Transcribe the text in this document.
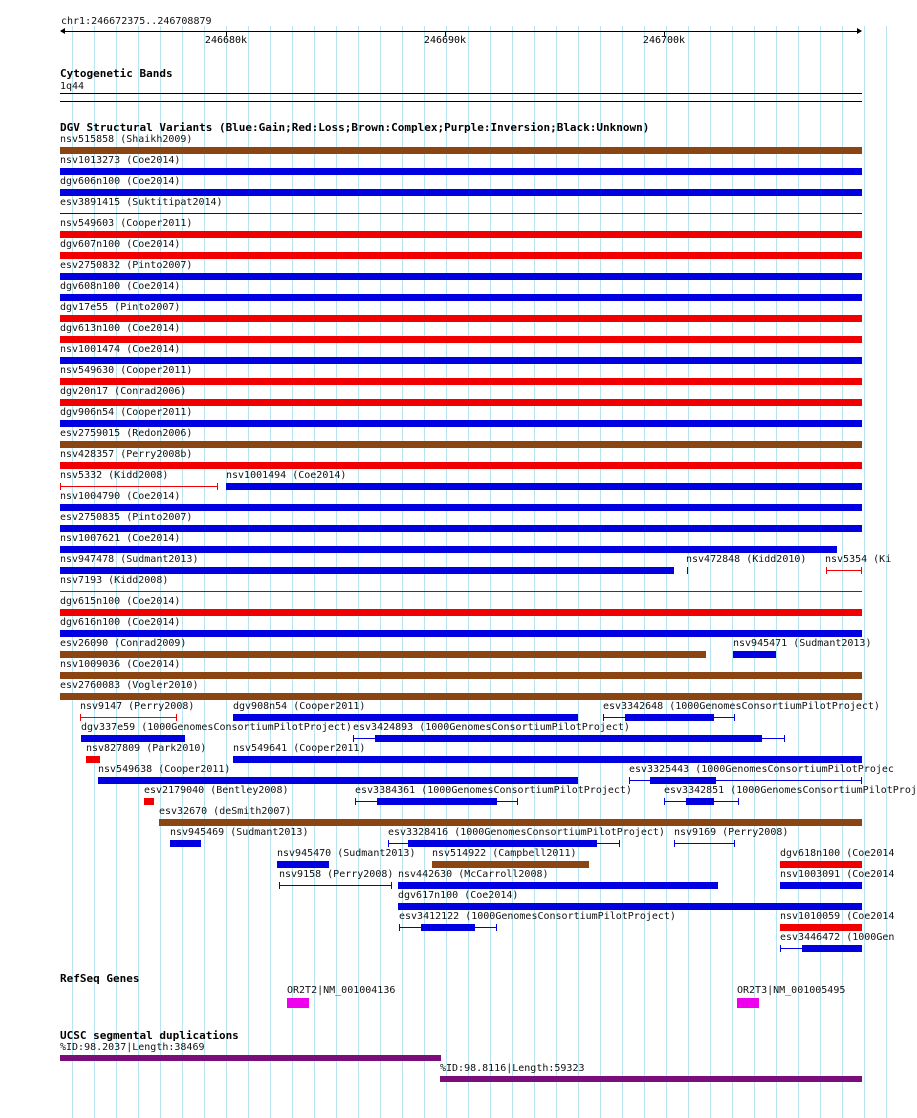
chr1:246672375..246708879
246680k	246690k	246700k
Cytogenetic Bands
1q44
DGV Structural Variants (Blue:Gain;Red:Loss;Brown:Complex;Purple:Inversion;Black:Unknown)
nsv515858 (Shaikh2009)
nsv1013273 (Coe2014)
dgv606n100 (Coe2014)
esv3891415 (Suktitipat2014)
nsv549603 (Cooper2011)
dgv607n100 (Coe2014)
esv2750832 (Pinto2007)
dgv608n100 (Coe2014)
dgv17e55 (Pinto2007)
dgv613n100 (Coe2014)
nsv1001474 (Coe2014)
nsv549630 (Cooper2011)
dgv20n17 (Conrad2006)
dgv906n54 (Cooper2011)
esv2759015 (Redon2006)
nsv428357 (Perry2008b)
nsv5332 (Kidd2008)	nsv1001494 (Coe2014)
nsv1004790 (Coe2014)
esv2750835 (Pinto2007)
nsv1007621 (Coe2014)
nsv947478 (Sudmant2013)	nsv472848 (Kidd2010) nsv5354 (Ki
nsv7193 (Kidd2008)
dgv615n100 (Coe2014)
dgv616n100 (Coe2014)
esv26090 (Conrad2009)	nsv945471 (Sudmant2013)
nsv1009036 (Coe2014)
esv2760083 (Vogler2010)
nsv9147 (Perry2008)	dgv908n54 (Cooper2011)	esv3342648 (1000GenomesConsortiumPilotProject)
dgv337e59 (1000GenomesConsortiumPilotProject) esv3424893 (1000GenomesConsortiumPilotProject)
nsv827809 (Park2010)	nsv549641 (Cooper2011)
nsv549638 (Cooper2011)	esv3325443 (1000GenomesConsortiumPilotProjec
esv2179040 (Bentley2008)	esv3384361 (1000GenomesConsortiumPilotProject)	esv3342851 (1000GenomesConsortiumPilotProj
esv32670 (deSmith2007)
nsv945469 (Sudmant2013)	esv3328416 (1000GenomesConsortiumPilotProject) nsv9169 (Perry2008)
nsv945470 (Sudmant2013) nsv514922 (Campbell2011)	dgv618n100 (Coe2014
nsv9158 (Perry2008) nsv442630 (McCarroll2008)	nsv1003091 (Coe2014
dgv617n100 (Coe2014)
esv3412122 (1000GenomesConsortiumPilotProject)	nsv1010059 (Coe2014
esv3446472 (1000Gen
RefSeq Genes
OR2T2|NM_001004136	OR2T3|NM_001005495
UCSC segmental duplications
%ID:98.2037|Length:38469
%ID:98.8116|Length:59323
